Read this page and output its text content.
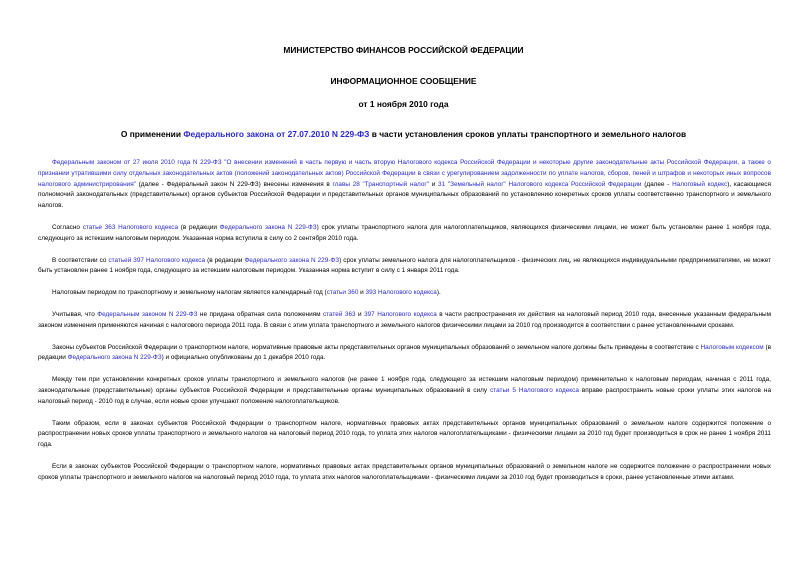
МИНИСТЕРСТВО ФИНАНСОВ РОССИЙСКОЙ ФЕДЕРАЦИИ

ИНФОРМАЦИОННОЕ СООБЩЕНИЕ

от 1 ноября 2010 года

О применении Федерального закона от 27.07.2010 N 229-ФЗ в части установления сроков уплаты транспортного и земельного налогов

Федеральным законом от 27 июля 2010 года N 229-ФЗ "О внесении изменений в часть первую и часть вторую Налогового кодекса Российской Федерации и некоторые другие законодательные акты Российской Федерации, а также о признании утратившими силу отдельных законодательных актов (положений законодательных актов) Российской Федерации в связи с урегулированием задолженности по уплате налогов, сборов, пеней и штрафов и некоторых иных вопросов налогового администрирования" (далее - Федеральный закон N 229-ФЗ) внесены изменения в главы 28 "Транспортный налог" и 31 "Земельный налог" Налогового кодекса Российской Федерации (далее - Налоговый кодекс), касающиеся полномочий законодательных (представительных) органов субъектов Российской Федерации и представительных органов муниципальных образований по установлению конкретных сроков уплаты соответственно транспортного и земельного налогов.

Согласно статье 363 Налогового кодекса (в редакции Федерального закона N 229-ФЗ) срок уплаты транспортного налога для налогоплательщиков, являющихся физическими лицами, не может быть установлен ранее 1 ноября года, следующего за истекшим налоговым периодом. Указанная норма вступила в силу со 2 сентября 2010 года.

В соответствии со статьей 397 Налогового кодекса (в редакции Федерального закона N 229-ФЗ) срок уплаты земельного налога для налогоплательщиков - физических лиц, не являющихся индивидуальными предпринимателями, не может быть установлен ранее 1 ноября года, следующего за истекшим налоговым периодом. Указанная норма вступит в силу с 1 января 2011 года.

Налоговым периодом по транспортному и земельному налогам является календарный год (статьи 360 и 393 Налогового кодекса).

Учитывая, что Федеральным законом N 229-ФЗ не придана обратная сила положениям статей 363 и 397 Налогового кодекса в части распространения их действия на налоговый период 2010 года, внесенные указанным федеральным законом изменения применяются начиная с налогового периода 2011 года. В связи с этим уплата транспортного и земельного налогов физическими лицами за 2010 год производится в соответствии с ранее установленными сроками.

Законы субъектов Российской Федерации о транспортном налоге, нормативные правовые акты представительных органов муниципальных образований о земельном налоге должны быть приведены в соответствие с Налоговым кодексом (в редакции Федерального закона N 229-ФЗ) и официально опубликованы до 1 декабря 2010 года.

Между тем при установлении конкретных сроков уплаты транспортного и земельного налогов (не ранее 1 ноября года, следующего за истекшим налоговым периодом) применительно к налоговым периодам, начиная с 2011 года, законодательные (представительные) органы субъектов Российской Федерации и представительные органы муниципальных образований в силу статьи 5 Налогового кодекса вправе распространить новые сроки уплаты этих налогов на налоговый период - 2010 год в случае, если новые сроки улучшают положение налогоплательщиков.

Таким образом, если в законах субъектов Российской Федерации о транспортном налоге, нормативных правовых актах представительных органов муниципальных образований о земельном налоге содержится положение о распространении новых сроков уплаты транспортного и земельного налогов на налоговый период 2010 года, то уплата этих налогов налогоплательщиками - физическими лицами за 2010 год будет производиться в срок не ранее 1 ноября 2011 года.

Если в законах субъектов Российской Федерации о транспортном налоге, нормативных правовых актах представительных органов муниципальных образований о земельном налоге не содержится положение о распространении новых сроков уплаты транспортного и земельного налогов на налоговый период 2010 года, то уплата этих налогов налогоплательщиками - физическими лицами за 2010 год будет производиться в сроки, ранее установленные этими актами.
